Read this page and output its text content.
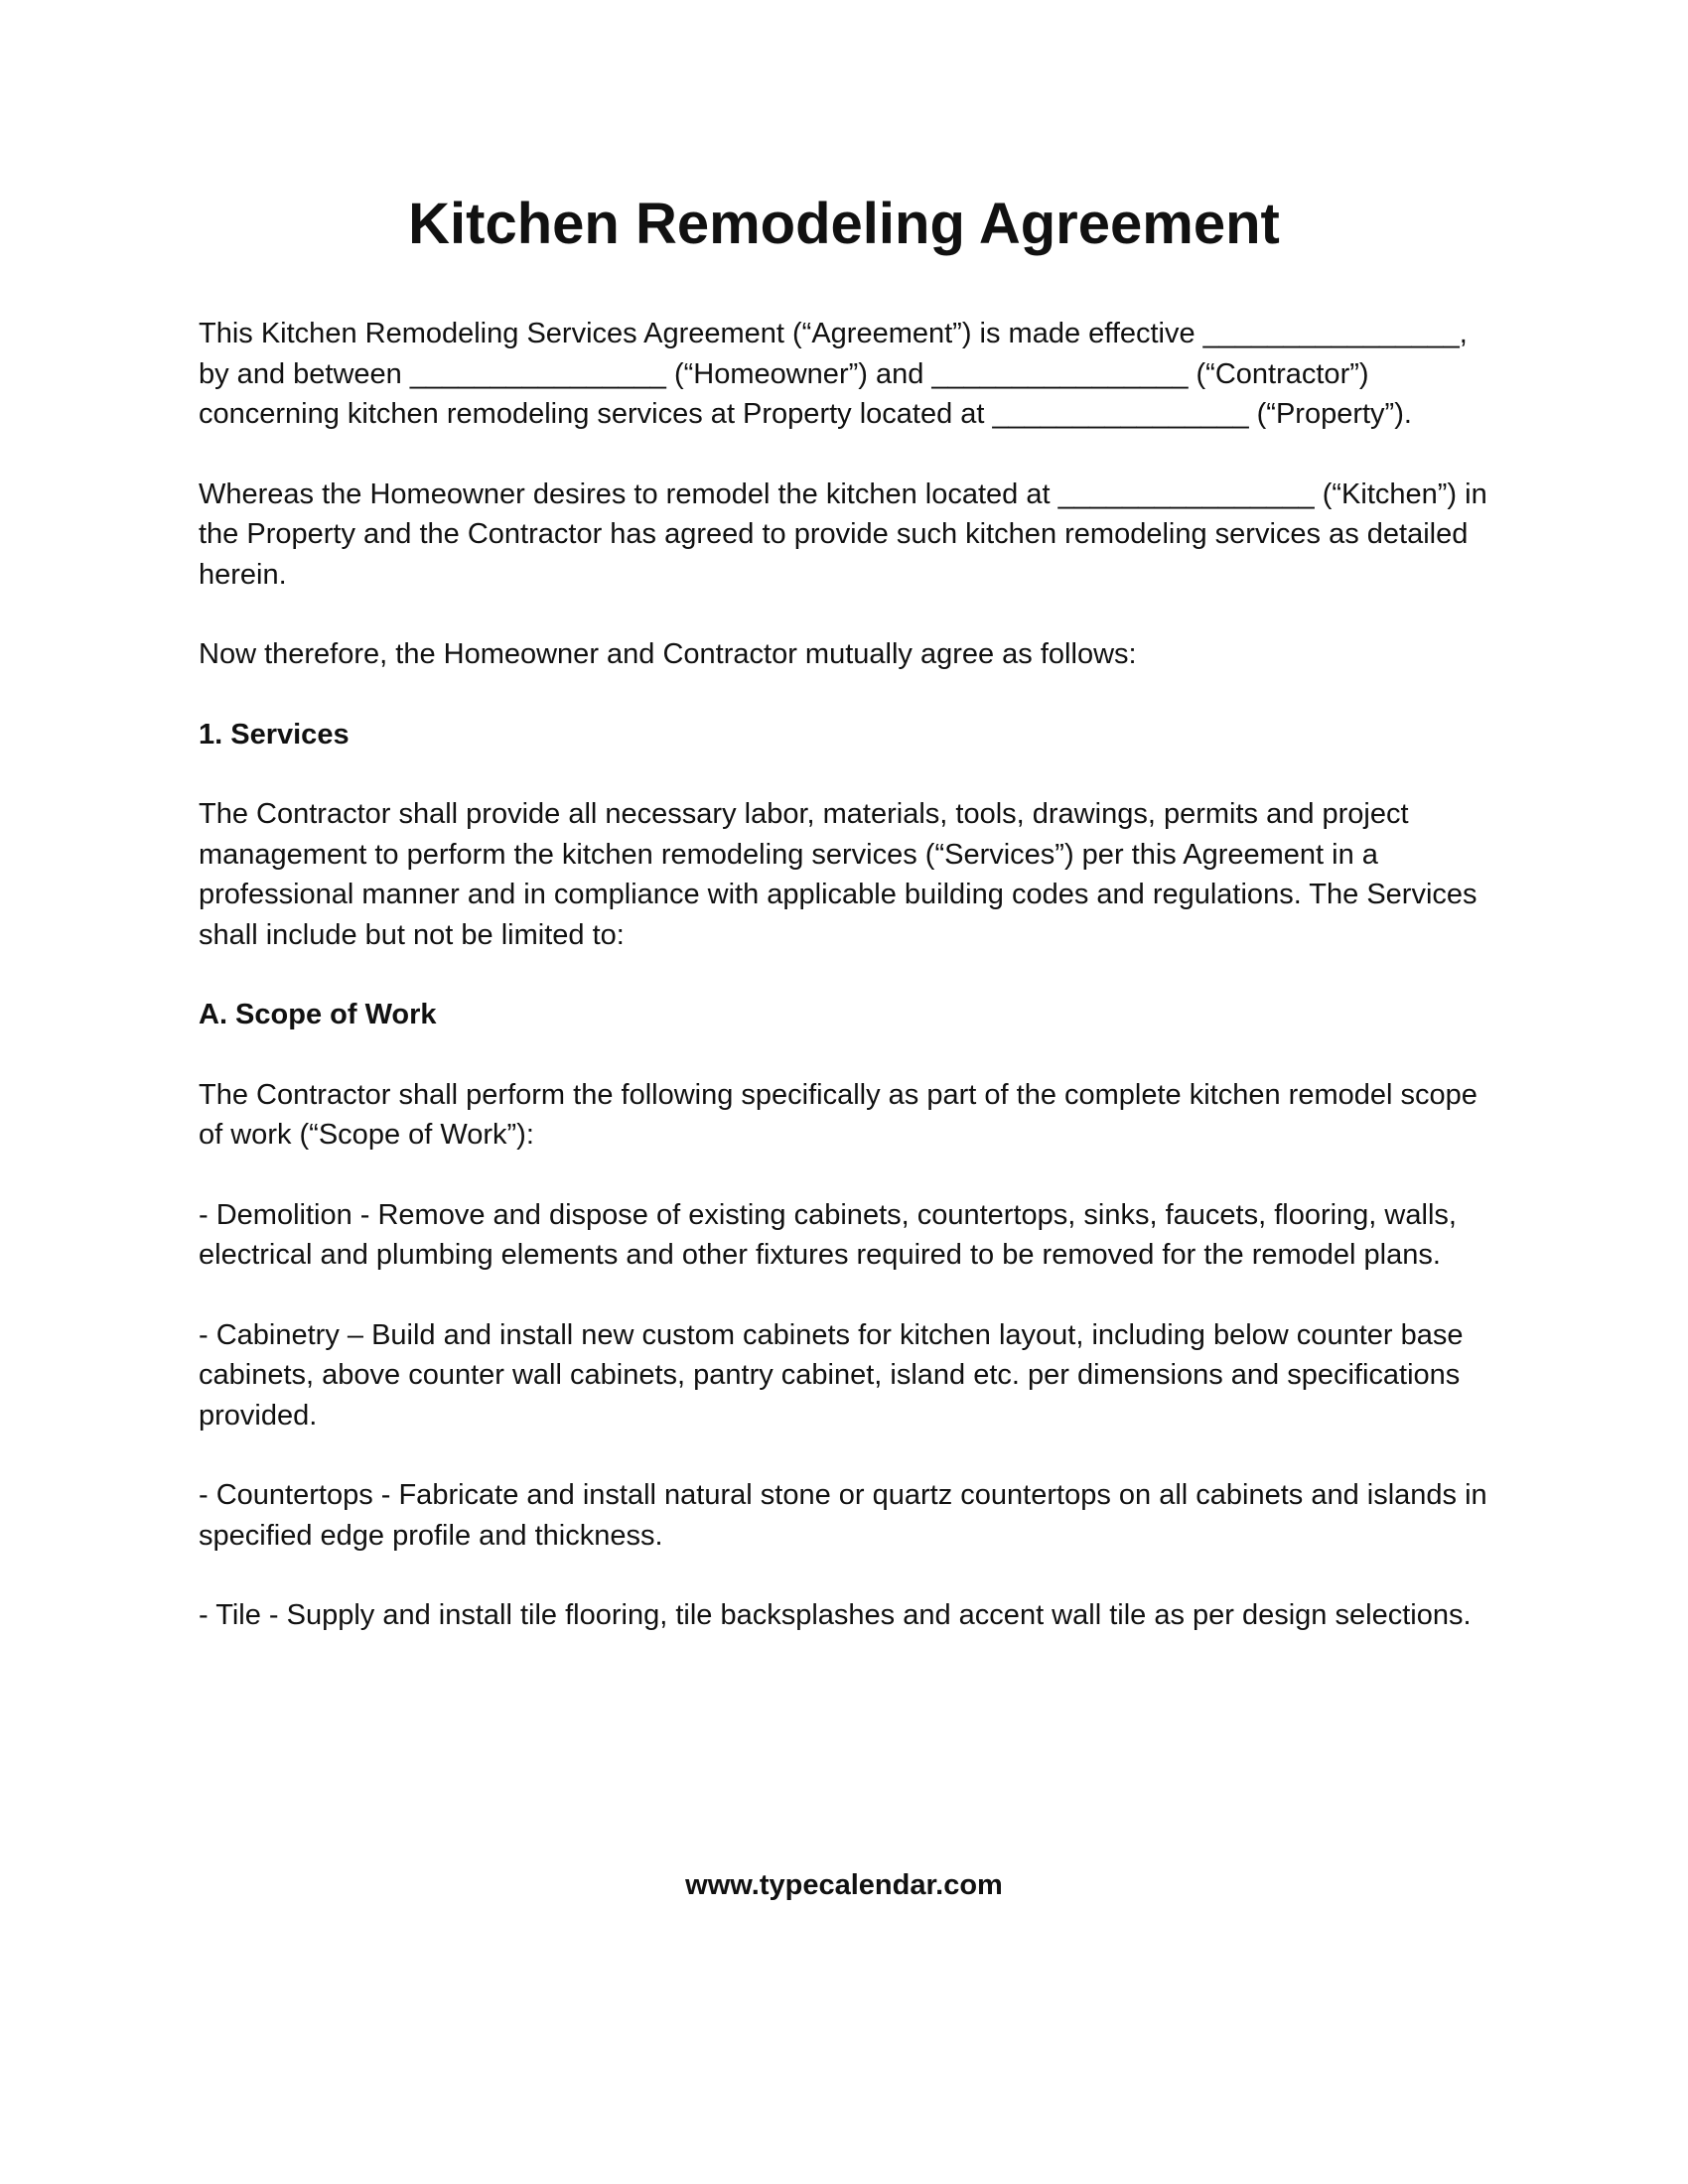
Kitchen Remodeling Agreement

This Kitchen Remodeling Services Agreement (“Agreement”) is made effective ________________, by and between ________________ (“Homeowner”) and ________________ (“Contractor”) concerning kitchen remodeling services at Property located at ________________ (“Property”).

Whereas the Homeowner desires to remodel the kitchen located at ________________ (“Kitchen”) in the Property and the Contractor has agreed to provide such kitchen remodeling services as detailed herein.

Now therefore, the Homeowner and Contractor mutually agree as follows:

1. Services

The Contractor shall provide all necessary labor, materials, tools, drawings, permits and project management to perform the kitchen remodeling services (“Services”) per this Agreement in a professional manner and in compliance with applicable building codes and regulations. The Services shall include but not be limited to:

A. Scope of Work

The Contractor shall perform the following specifically as part of the complete kitchen remodel scope of work (“Scope of Work”):

- Demolition - Remove and dispose of existing cabinets, countertops, sinks, faucets, flooring, walls, electrical and plumbing elements and other fixtures required to be removed for the remodel plans.

- Cabinetry – Build and install new custom cabinets for kitchen layout, including below counter base cabinets, above counter wall cabinets, pantry cabinet, island etc. per dimensions and specifications provided.

- Countertops - Fabricate and install natural stone or quartz countertops on all cabinets and islands in specified edge profile and thickness.

- Tile - Supply and install tile flooring, tile backsplashes and accent wall tile as per design selections.

www.typecalendar.com
